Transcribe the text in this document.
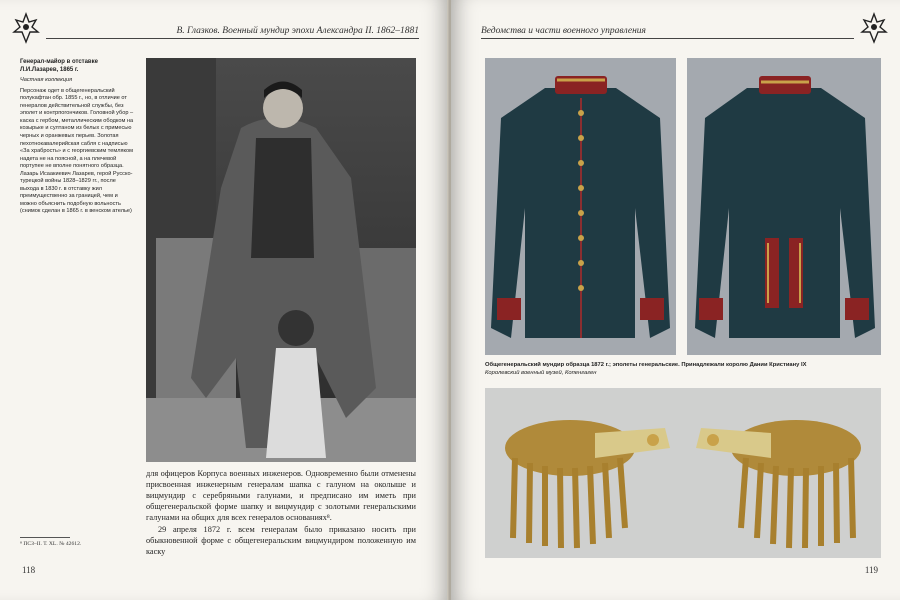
В. Глазков. Военный мундир эпохи Александра II. 1862–1881
Генерал-майор в отставке Л.И.Лазарев, 1865 г.
Частная коллекция

Персонаж одет в общегенеральский полукафтан обр. 1855 г., но, в отличие от генералов действительной службы, без эполет и контрпогончиков. Головной убор – каска с гербом, металлическим ободком на козырьке и султаном из белых с примесью черных и оранжевых перьев. Золотая пехотнокавалерийская сабля с надписью «За храбрость» и с георгиевским темляком надета не на поясной, а на плечевой портупее не вполне понятного образца. Лазарь Исаакиевич Лазарев, герой Русско-турецкой войны 1828–1829 гг., после выхода в 1830 г. в отставку жил преимущественно за границей, чем и можно объяснить подобную вольность (снимок сделан в 1865 г. в венском ателье)

для офицеров Корпуса военных инженеров. Одновременно были отменены присвоенная инженерным генералам шапка с галуном на околыше и вицмундир с серебряными галунами, и предписано им иметь при общегенеральской форме шапку и вицмундир с золотыми генеральскими галунами на общих для всех генералов основаниях⁸.

29 апреля 1872 г. всем генералам было приказано носить при обыкновенной форме с общегенеральским вицмундиром положенную им каску

⁸ ПСЗ–II. Т. XL. № 42612.
118
Ведомства и части военного управления
Общегенеральский мундир образца 1872 г.; эполеты генеральские. Принадлежали королю Дании Кристиану IX
Королевский военный музей, Копенгаген
119
